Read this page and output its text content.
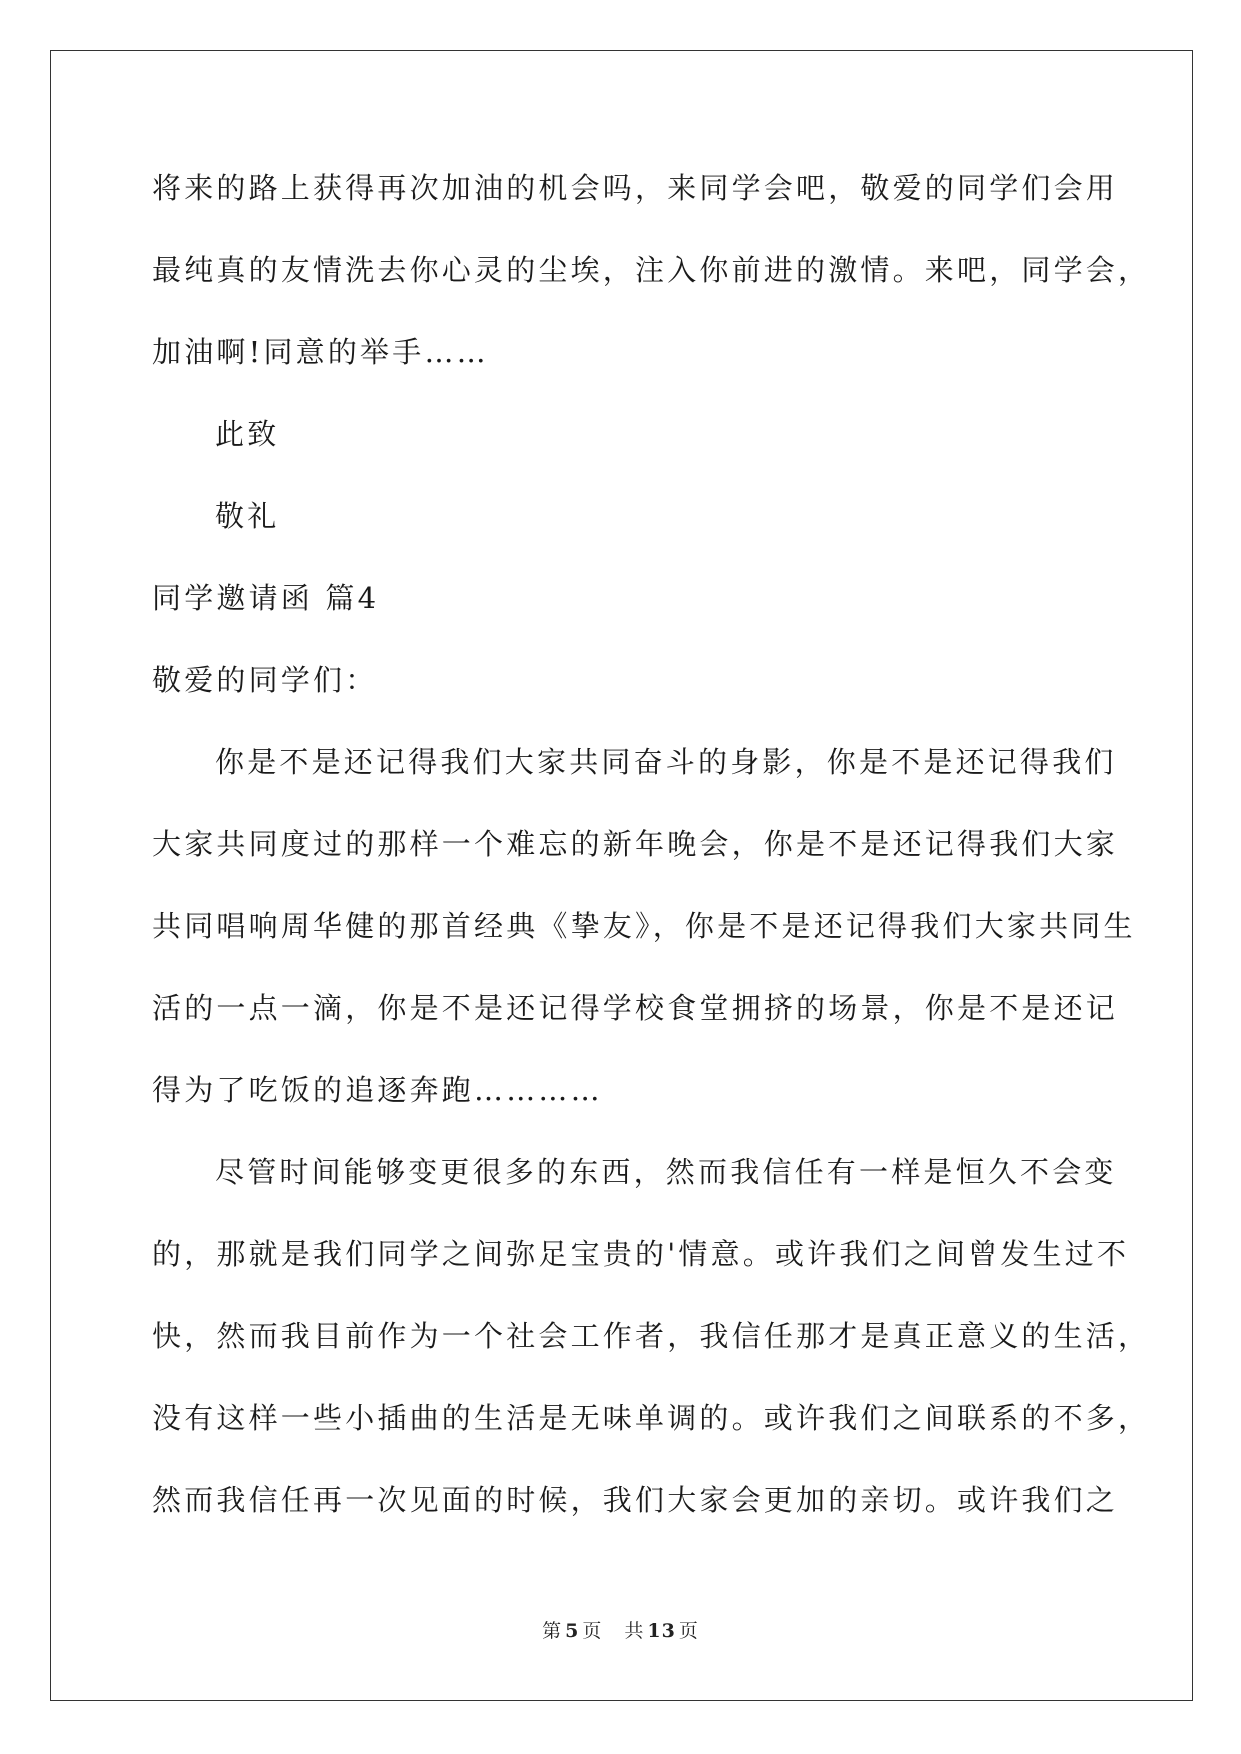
将来的路上获得再次加油的机会吗，来同学会吧，敬爱的同学们会用
最纯真的友情洗去你心灵的尘埃，注入你前进的激情。来吧，同学会，
加油啊!同意的举手……
此致
敬礼
同学邀请函 篇4
敬爱的同学们：
你是不是还记得我们大家共同奋斗的身影，你是不是还记得我们
大家共同度过的那样一个难忘的新年晚会，你是不是还记得我们大家
共同唱响周华健的那首经典《挚友》，你是不是还记得我们大家共同生
活的一点一滴，你是不是还记得学校食堂拥挤的场景，你是不是还记
得为了吃饭的追逐奔跑…………
尽管时间能够变更很多的东西，然而我信任有一样是恒久不会变
的，那就是我们同学之间弥足宝贵的'情意。或许我们之间曾发生过不
快，然而我目前作为一个社会工作者，我信任那才是真正意义的生活，
没有这样一些小插曲的生活是无味单调的。或许我们之间联系的不多，
然而我信任再一次见面的时候，我们大家会更加的亲切。或许我们之
第 5 页 共 13 页
